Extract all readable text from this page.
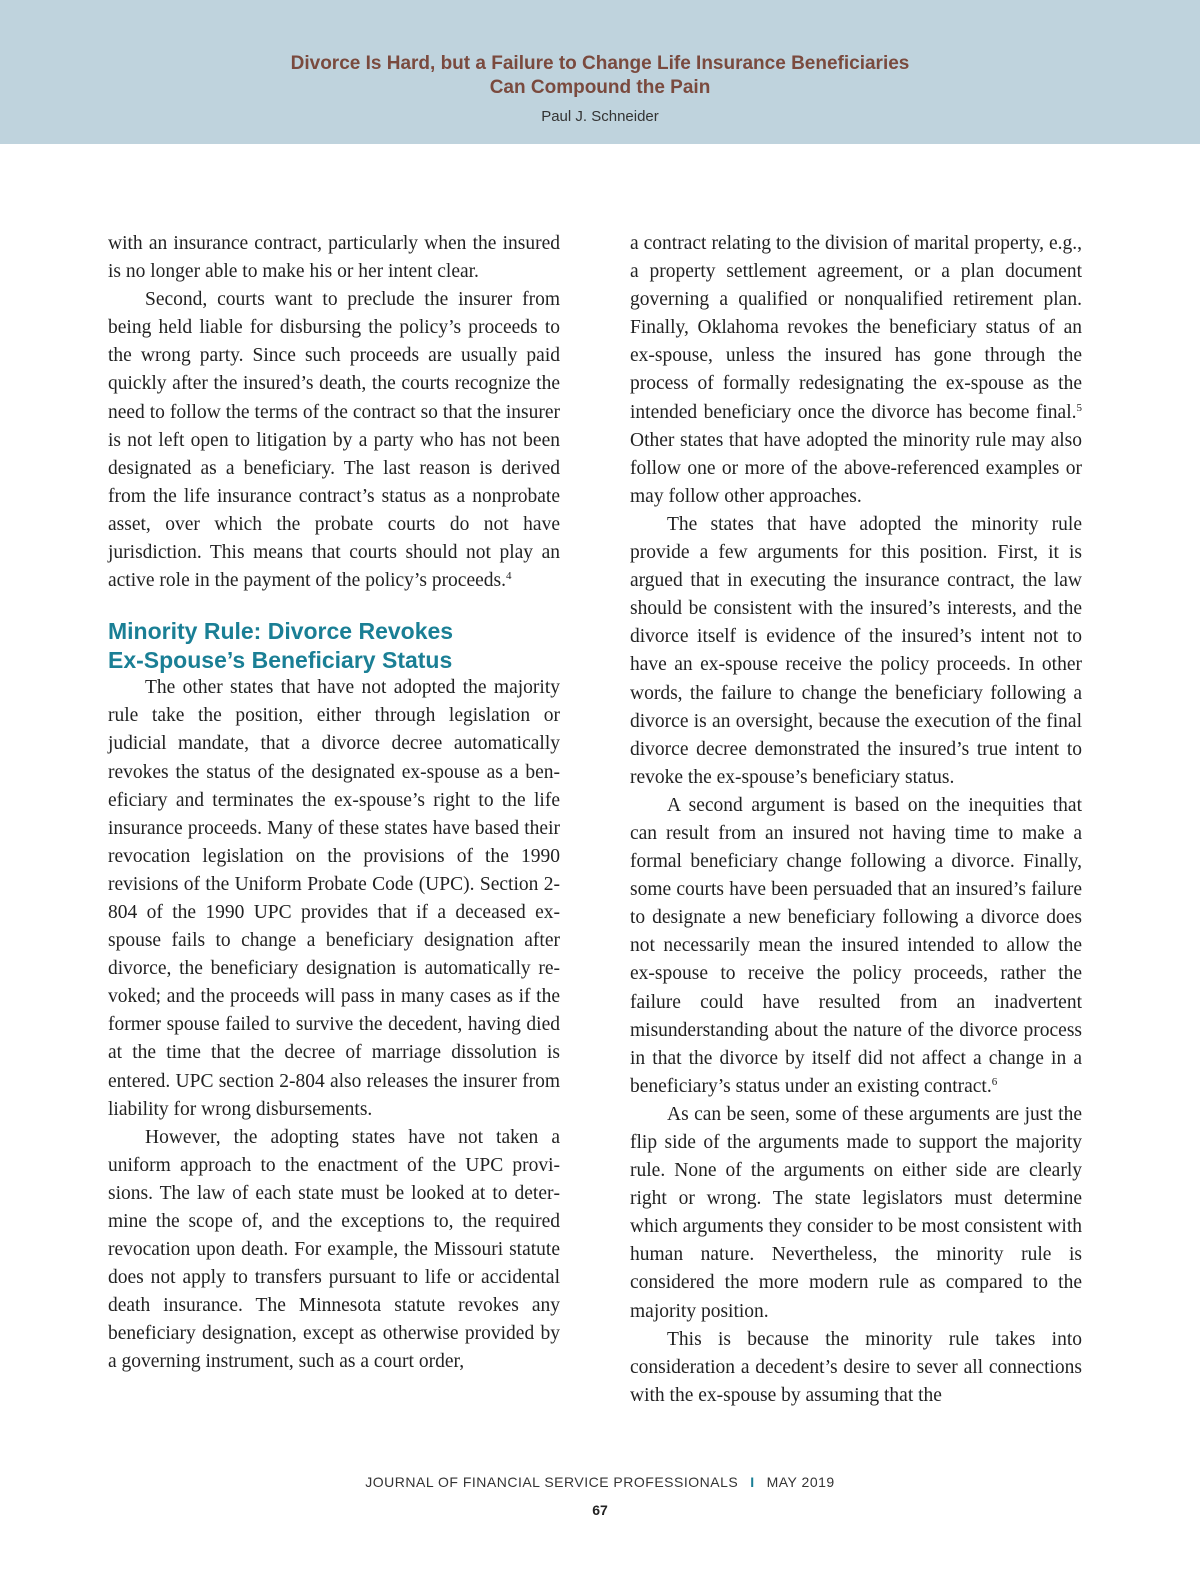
Divorce Is Hard, but a Failure to Change Life Insurance Beneficiaries
Can Compound the Pain
Paul J. Schneider

with an insurance contract, particularly when the insured is no longer able to make his or her intent clear.

Second, courts want to preclude the insurer from being held liable for disbursing the policy’s proceeds to the wrong party. Since such proceeds are usually paid quickly after the insured’s death, the courts recognize the need to follow the terms of the contract so that the insurer is not left open to litigation by a party who has not been designated as a beneficiary. The last reason is derived from the life insurance contract’s status as a nonprobate asset, over which the probate courts do not have jurisdiction. This means that courts should not play an active role in the payment of the policy’s proceeds.$^4$

Minority Rule: Divorce Revokes
Ex-Spouse’s Beneficiary Status

The other states that have not adopted the majority rule take the position, either through legislation or judicial mandate, that a divorce decree automatically revokes the status of the designated ex-spouse as a beneficiary and terminates the ex-spouse’s right to the life insurance proceeds. Many of these states have based their revocation legislation on the provisions of the 1990 revisions of the Uniform Probate Code (UPC). Section 2-804 of the 1990 UPC provides that if a deceased ex-spouse fails to change a beneficiary designation after divorce, the beneficiary designation is automatically revoked; and the proceeds will pass in many cases as if the former spouse failed to survive the decedent, having died at the time that the decree of marriage dissolution is entered. UPC section 2-804 also releases the insurer from liability for wrong disbursements.

However, the adopting states have not taken a uniform approach to the enactment of the UPC provisions. The law of each state must be looked at to determine the scope of, and the exceptions to, the required revocation upon death. For example, the Missouri statute does not apply to transfers pursuant to life or accidental death insurance. The Minnesota statute revokes any beneficiary designation, except as otherwise provided by a governing instrument, such as a court order,

a contract relating to the division of marital property, e.g., a property settlement agreement, or a plan document governing a qualified or nonqualified retirement plan. Finally, Oklahoma revokes the beneficiary status of an ex-spouse, unless the insured has gone through the process of formally redesignating the ex-spouse as the intended beneficiary once the divorce has become final.$^5$ Other states that have adopted the minority rule may also follow one or more of the above-referenced examples or may follow other approaches.

The states that have adopted the minority rule provide a few arguments for this position. First, it is argued that in executing the insurance contract, the law should be consistent with the insured’s interests, and the divorce itself is evidence of the insured’s intent not to have an ex-spouse receive the policy proceeds. In other words, the failure to change the beneficiary following a divorce is an oversight, because the execution of the final divorce decree demonstrated the insured’s true intent to revoke the ex-spouse’s beneficiary status.

A second argument is based on the inequities that can result from an insured not having time to make a formal beneficiary change following a divorce. Finally, some courts have been persuaded that an insured’s failure to designate a new beneficiary following a divorce does not necessarily mean the insured intended to allow the ex-spouse to receive the policy proceeds, rather the failure could have resulted from an inadvertent misunderstanding about the nature of the divorce process in that the divorce by itself did not affect a change in a beneficiary’s status under an existing contract.$^6$

As can be seen, some of these arguments are just the flip side of the arguments made to support the majority rule. None of the arguments on either side are clearly right or wrong. The state legislators must determine which arguments they consider to be most consistent with human nature. Nevertheless, the minority rule is considered the more modern rule as compared to the majority position.

This is because the minority rule takes into consideration a decedent’s desire to sever all connections with the ex-spouse by assuming that the

JOURNAL OF FINANCIAL SERVICE PROFESSIONALS I MAY 2019
67
